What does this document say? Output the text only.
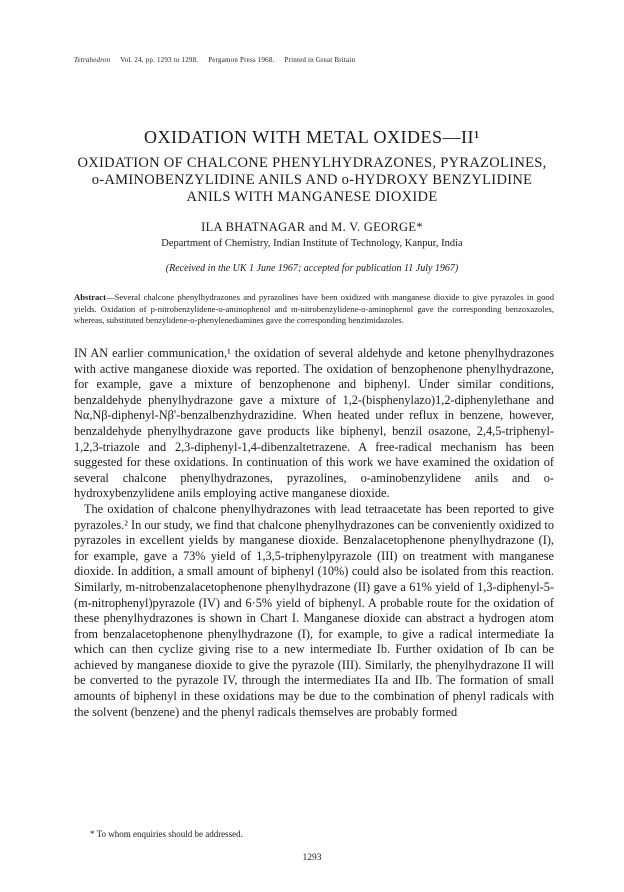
Tetrahedron Vol. 24, pp. 1293 to 1298. Pergamon Press 1968. Printed in Great Britain
OXIDATION WITH METAL OXIDES—II¹
OXIDATION OF CHALCONE PHENYLHYDRAZONES, PYRAZOLINES,
o-AMINOBENZYLIDINE ANILS AND o-HYDROXY BENZYLIDINE
ANILS WITH MANGANESE DIOXIDE
ILA BHATNAGAR and M. V. GEORGE*
Department of Chemistry, Indian Institute of Technology, Kanpur, India
(Received in the UK 1 June 1967; accepted for publication 11 July 1967)
Abstract—Several chalcone phenylhydrazones and pyrazolines have been oxidized with manganese dioxide to give pyrazoles in good yields. Oxidation of p-nitrobenzylidene-o-aminophenol and m-nitrobenzylidene-o-aminophenol gave the corresponding benzoxazoles, whereas, substituted benzylidene-o-phenylenediamines gave the corresponding benzimidazoles.

IN AN earlier communication,¹ the oxidation of several aldehyde and ketone phenylhydrazones with active manganese dioxide was reported. The oxidation of benzophenone phenylhydrazone, for example, gave a mixture of benzophenone and biphenyl. Under similar conditions, benzaldehyde phenylhydrazone gave a mixture of 1,2-(bisphenylazo)1,2-diphenylethane and Nα,Nβ-diphenyl-Nβ'-benzalbenzhydrazidine. When heated under reflux in benzene, however, benzaldehyde phenylhydrazone gave products like biphenyl, benzil osazone, 2,4,5-triphenyl-1,2,3-triazole and 2,3-diphenyl-1,4-dibenzaltetrazene. A free-radical mechanism has been suggested for these oxidations. In continuation of this work we have examined the oxidation of several chalcone phenylhydrazones, pyrazolines, o-aminobenzylidene anils and o-hydroxybenzylidene anils employing active manganese dioxide.

The oxidation of chalcone phenylhydrazones with lead tetraacetate has been reported to give pyrazoles.² In our study, we find that chalcone phenylhydrazones can be conveniently oxidized to pyrazoles in excellent yields by manganese dioxide. Benzalacetophenone phenylhydrazone (I), for example, gave a 73% yield of 1,3,5-triphenylpyrazole (III) on treatment with manganese dioxide. In addition, a small amount of biphenyl (10%) could also be isolated from this reaction. Similarly, m-nitrobenzalacetophenone phenylhydrazone (II) gave a 61% yield of 1,3-diphenyl-5-(m-nitrophenyl)pyrazole (IV) and 6·5% yield of biphenyl. A probable route for the oxidation of these phenylhydrazones is shown in Chart I. Manganese dioxide can abstract a hydrogen atom from benzalacetophenone phenylhydrazone (I), for example, to give a radical intermediate Ia which can then cyclize giving rise to a new intermediate Ib. Further oxidation of Ib can be achieved by manganese dioxide to give the pyrazole (III). Similarly, the phenylhydrazone II will be converted to the pyrazole IV, through the intermediates IIa and IIb. The formation of small amounts of biphenyl in these oxidations may be due to the combination of phenyl radicals with the solvent (benzene) and the phenyl radicals themselves are probably formed

* To whom enquiries should be addressed.
1293
